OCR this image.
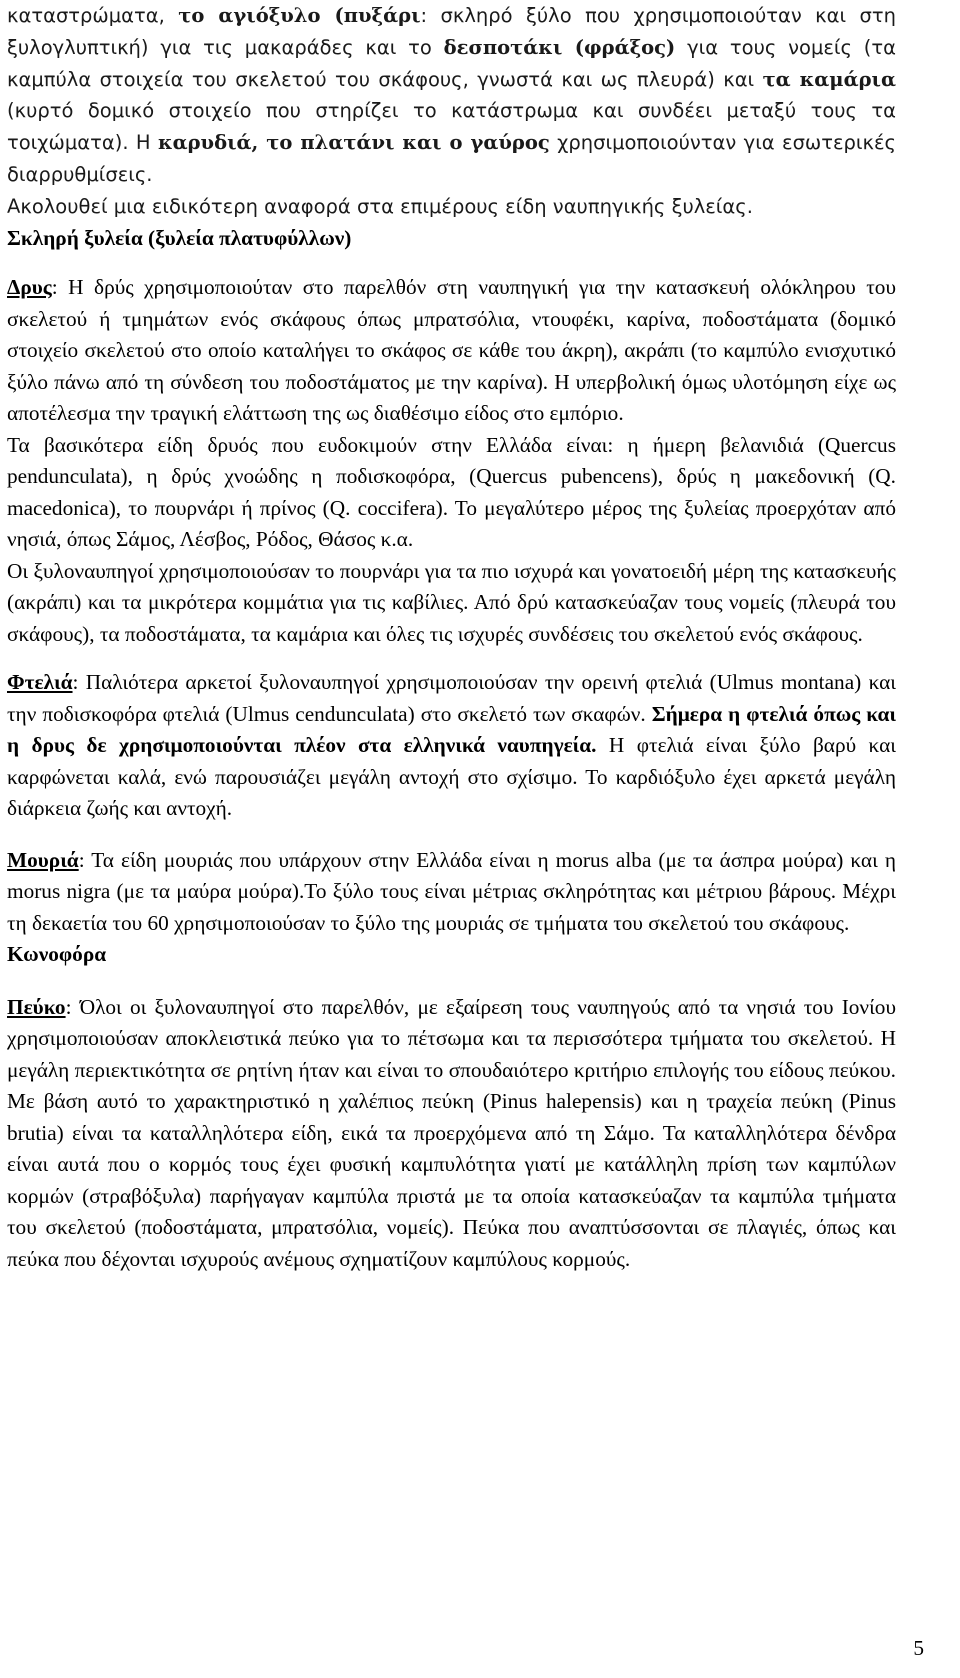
καταστρώματα, το αγιόξυλο (πυξάρι: σκληρό ξύλο που χρησιμοποιούταν και στη ξυλογλυπτική) για τις μακαράδες και το δεσποτάκι (φράξος) για τους νομείς (τα καμπύλα στοιχεία του σκελετού του σκάφους, γνωστά και ως πλευρά) και τα καμάρια (κυρτό δομικό στοιχείο που στηρίζει το κατάστρωμα και συνδέει μεταξύ τους τα τοιχώματα). Η καρυδιά, το πλατάνι και ο γαύρος χρησιμοποιούνταν για εσωτερικές διαρρυθμίσεις.

Ακολουθεί μια ειδικότερη αναφορά στα επιμέρους είδη ναυπηγικής ξυλείας.

Σκληρή ξυλεία (ξυλεία πλατυφύλλων)

Δρυς: Η δρύς χρησιμοποιούταν στο παρελθόν στη ναυπηγική για την κατασκευή ολόκληρου του σκελετού ή τμημάτων ενός σκάφους όπως μπρατσόλια, ντουφέκι, καρίνα, ποδοστάματα (δομικό στοιχείο σκελετού στο οποίο καταλήγει το σκάφος σε κάθε του άκρη), ακράπι (το καμπύλο ενισχυτικό ξύλο πάνω από τη σύνδεση του ποδοστάματος με την καρίνα). Η υπερβολική όμως υλοτόμηση είχε ως αποτέλεσμα την τραγική ελάττωση της ως διαθέσιμο είδος στο εμπόριο.

Τα βασικότερα είδη δρυός που ευδοκιμούν στην Ελλάδα είναι: η ήμερη βελανιδιά (Quercus pendunculata), η δρύς χνοώδης η ποδισκοφόρα, (Quercus pubencens), δρύς η μακεδονική (Q. macedonica), το πουρνάρι ή πρίνος (Q. coccifera). Το μεγαλύτερο μέρος της ξυλείας προερχόταν από νησιά, όπως Σάμος, Λέσβος, Ρόδος, Θάσος κ.α.

Οι ξυλοναυπηγοί χρησιμοποιούσαν το πουρνάρι για τα πιο ισχυρά και γονατοειδή μέρη της κατασκευής (ακράπι) και τα μικρότερα κομμάτια για τις καβίλιες. Από δρύ κατασκεύαζαν τους νομείς (πλευρά του σκάφους), τα ποδοστάματα, τα καμάρια και όλες τις ισχυρές συνδέσεις του σκελετού ενός σκάφους.

Φτελιά: Παλιότερα αρκετοί ξυλοναυπηγοί χρησιμοποιούσαν την ορεινή φτελιά (Ulmus montana) και την ποδισκοφόρα φτελιά (Ulmus cendunculata) στο σκελετό των σκαφών. Σήμερα η φτελιά όπως και η δρυς δε χρησιμοποιούνται πλέον στα ελληνικά ναυπηγεία. Η φτελιά είναι ξύλο βαρύ και καρφώνεται καλά, ενώ παρουσιάζει μεγάλη αντοχή στο σχίσιμο. Το καρδιόξυλο έχει αρκετά μεγάλη διάρκεια ζωής και αντοχή.

Μουριά: Τα είδη μουριάς που υπάρχουν στην Ελλάδα είναι η morus alba (με τα άσπρα μούρα) και η morus nigra (με τα μαύρα μούρα).Το ξύλο τους είναι μέτριας σκληρότητας και μέτριου βάρους. Μέχρι τη δεκαετία του 60 χρησιμοποιούσαν το ξύλο της μουριάς σε τμήματα του σκελετού του σκάφους.

Κωνοφόρα

Πεύκο: Όλοι οι ξυλοναυπηγοί στο παρελθόν, με εξαίρεση τους ναυπηγούς από τα νησιά του Ιονίου χρησιμοποιούσαν αποκλειστικά πεύκο για το πέτσωμα και τα περισσότερα τμήματα του σκελετού. Η μεγάλη περιεκτικότητα σε ρητίνη ήταν και είναι το σπουδαιότερο κριτήριο επιλογής του είδους πεύκου. Με βάση αυτό το χαρακτηριστικό η χαλέπιος πεύκη (Pinus halepensis) και η τραχεία πεύκη (Pinus brutia) είναι τα καταλληλότερα είδη, εικά τα προερχόμενα από τη Σάμο. Τα καταλληλότερα δένδρα είναι αυτά που ο κορμός τους έχει φυσική καμπυλότητα γιατί με κατάλληλη πρίση των καμπύλων κορμών (στραβόξυλα) παρήγαγαν καμπύλα πριστά με τα οποία κατασκεύαζαν τα καμπύλα τμήματα του σκελετού (ποδοστάματα, μπρατσόλια, νομείς). Πεύκα που αναπτύσσονται σε πλαγιές, όπως και πεύκα που δέχονται ισχυρούς ανέμους σχηματίζουν καμπύλους κορμούς.

5
